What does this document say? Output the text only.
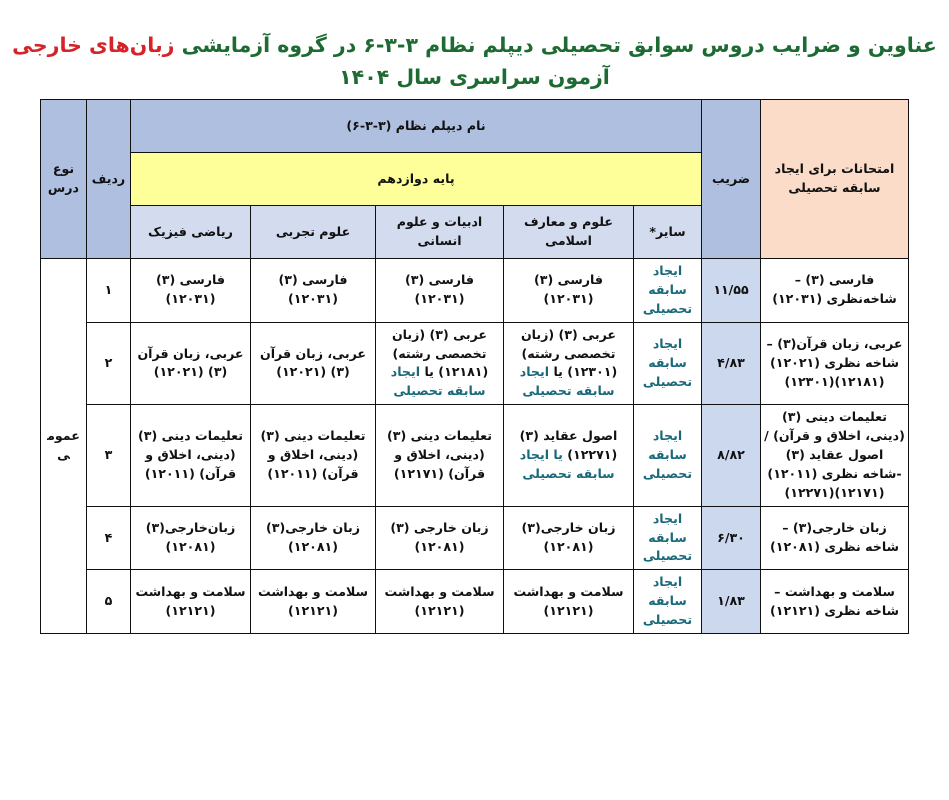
عناوین و ضرایب دروس سوابق تحصیلی دیپلم نظام ۳-۳-۶ در گروه آزمایشی زبان‌های خارجی
آزمون سراسری سال ۱۴۰۴
امتحانات برای ایجاد سابقه تحصیلی	ضریب	نام دیپلم نظام (۳-۳-۶)					ردیف	نوع درس
		پایه دوازدهم						
		سایر*	علوم و معارف اسلامی	ادبیات و علوم انسانی	علوم تجربی	ریاضی فیزیک		
فارسی (۳) – شاخه‌نظری (۱۲۰۳۱)	۱۱/۵۵	ایجاد سابقه تحصیلی	فارسی (۳) (۱۲۰۳۱)	فارسی (۳) (۱۲۰۳۱)	فارسی (۳) (۱۲۰۳۱)	فارسی (۳) (۱۲۰۳۱)	۱	عمومی
عربی، زبان قرآن(۳) – شاخه نظری (۱۲۰۲۱)(۱۲۱۸۱)(۱۲۳۰۱)	۴/۸۳	ایجاد سابقه تحصیلی	عربی (۳) (زبان تخصصی رشته)(۱۲۳۰۱) یا ایجاد سابقه تحصیلی	عربی (۳) (زبان تخصصی رشته)(۱۲۱۸۱) یا ایجاد سابقه تحصیلی	عربی، زبان قرآن (۳) (۱۲۰۲۱)	عربی، زبان قرآن (۳) (۱۲۰۲۱)	۲	
تعلیمات دینی (۳) (دینی، اخلاق و قرآن) / اصول عقاید (۳) -شاخه نظری (۱۲۰۱۱)(۱۲۱۷۱)(۱۲۲۷۱)	۸/۸۲	ایجاد سابقه تحصیلی	اصول عقاید (۳) (۱۲۲۷۱) یا ایجاد سابقه تحصیلی	تعلیمات دینی (۳) (دینی، اخلاق و قرآن) (۱۲۱۷۱)	تعلیمات دینی (۳) (دینی، اخلاق و قرآن) (۱۲۰۱۱)	تعلیمات دینی (۳) (دینی، اخلاق و قرآن) (۱۲۰۱۱)	۳	
زبان خارجی(۳) – شاخه نظری (۱۲۰۸۱)	۶/۳۰	ایجاد سابقه تحصیلی	زبان خارجی(۳) (۱۲۰۸۱)	زبان خارجی (۳) (۱۲۰۸۱)	زبان خارجی(۳) (۱۲۰۸۱)	زبان‌خارجی(۳) (۱۲۰۸۱)	۴	
سلامت و بهداشت – شاخه نظری (۱۲۱۲۱)	۱/۸۳	ایجاد سابقه تحصیلی	سلامت و بهداشت (۱۲۱۲۱)	سلامت و بهداشت (۱۲۱۲۱)	سلامت و بهداشت (۱۲۱۲۱)	سلامت و بهداشت (۱۲۱۲۱)	۵	
